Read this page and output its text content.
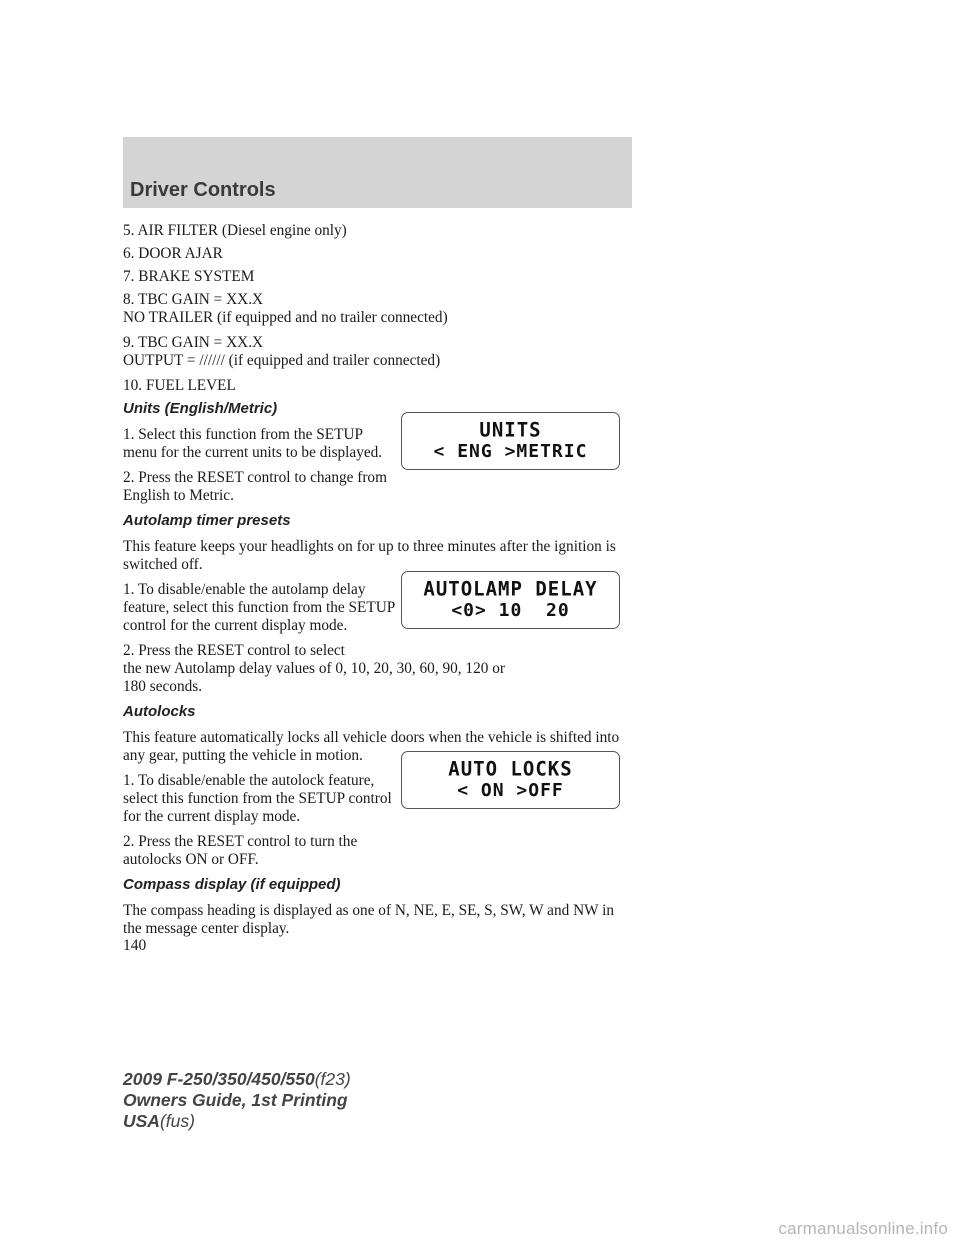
Driver Controls

5. AIR FILTER (Diesel engine only)

6. DOOR AJAR

7. BRAKE SYSTEM

8. TBC GAIN = XX.X

NO TRAILER (if equipped and no trailer connected)

9. TBC GAIN = XX.X

OUTPUT = ////// (if equipped and trailer connected)

10. FUEL LEVEL

Units (English/Metric)

1. Select this function from the SETUP menu for the current units to be displayed.

2. Press the RESET control to change from English to Metric.

Autolamp timer presets

This feature keeps your headlights on for up to three minutes after the ignition is switched off.

1. To disable/enable the autolamp delay feature, select this function from the SETUP control for the current display mode.

2. Press the RESET control to select

the new Autolamp delay values of 0, 10, 20, 30, 60, 90, 120 or

180 seconds.

Autolocks

This feature automatically locks all vehicle doors when the vehicle is shifted into any gear, putting the vehicle in motion.

1. To disable/enable the autolock feature, select this function from the SETUP control for the current display mode.

2. Press the RESET control to turn the autolocks ON or OFF.

Compass display (if equipped)

The compass heading is displayed as one of N, NE, E, SE, S, SW, W and NW in the message center display.

UNITS
< ENG >METRIC
AUTOLAMP DELAY
<0> 10  20
AUTO LOCKS
< ON >OFF
140
2009 F-250/350/450/550(f23)
Owners Guide, 1st Printing
USA(fus)
carmanualsonline.info
